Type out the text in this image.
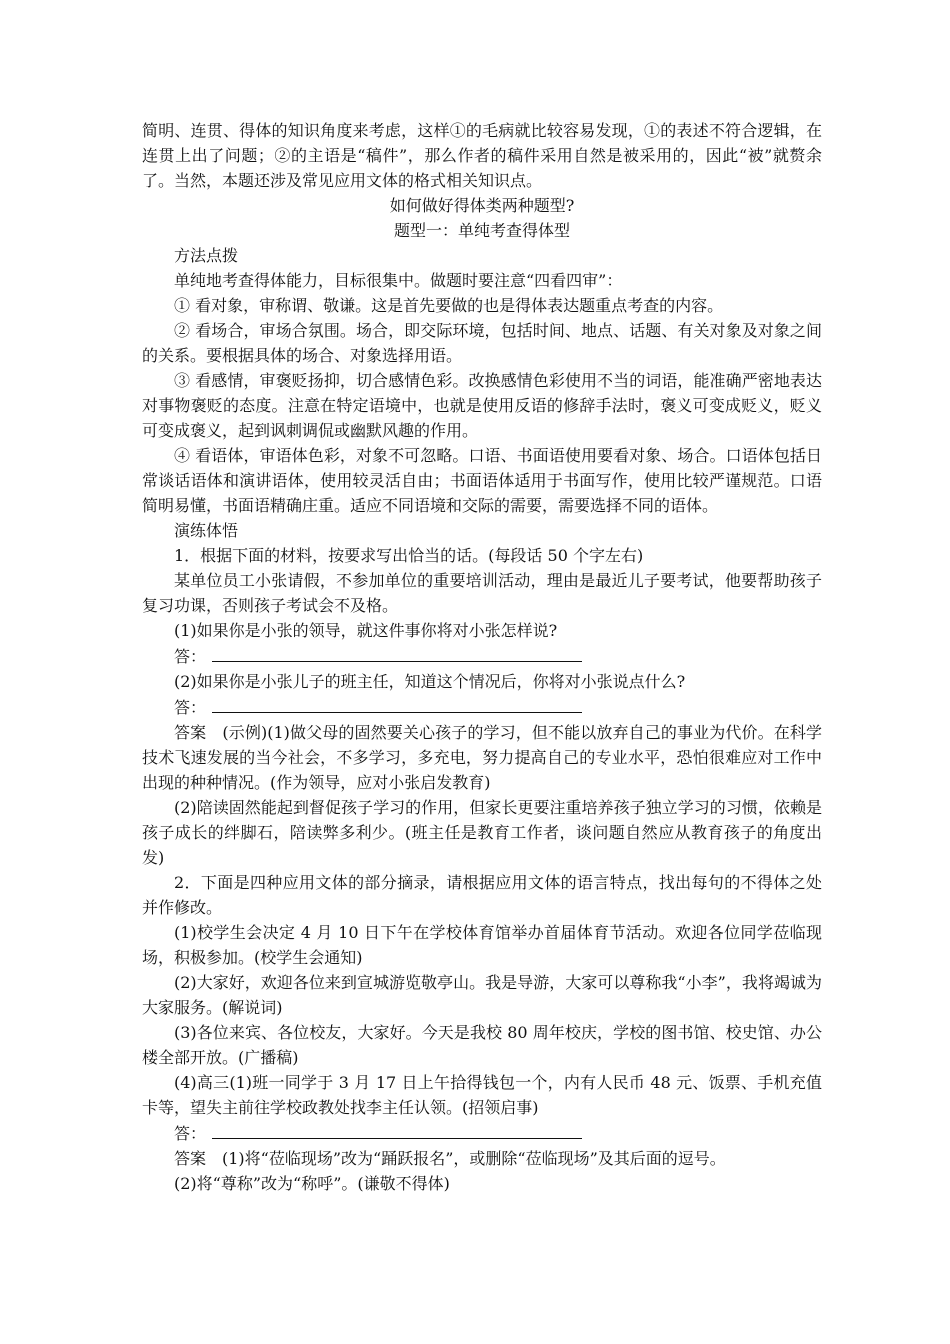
简明、连贯、得体的知识角度来考虑，这样①的毛病就比较容易发现，①的表述不符合逻辑，在连贯上出了问题；②的主语是“稿件”，那么作者的稿件采用自然是被采用的，因此“被”就赘余了。当然，本题还涉及常见应用文体的格式相关知识点。

如何做好得体类两种题型?

题型一：单纯考查得体型

方法点拨

单纯地考查得体能力，目标很集中。做题时要注意“四看四审”：

① 看对象，审称谓、敬谦。这是首先要做的也是得体表达题重点考查的内容。

② 看场合，审场合氛围。场合，即交际环境，包括时间、地点、话题、有关对象及对象之间的关系。要根据具体的场合、对象选择用语。

③ 看感情，审褒贬扬抑，切合感情色彩。改换感情色彩使用不当的词语，能准确严密地表达对事物褒贬的态度。注意在特定语境中，也就是使用反语的修辞手法时，褒义可变成贬义，贬义可变成褒义，起到讽刺调侃或幽默风趣的作用。

④ 看语体，审语体色彩，对象不可忽略。口语、书面语使用要看对象、场合。口语体包括日常谈话语体和演讲语体，使用较灵活自由；书面语体适用于书面写作，使用比较严谨规范。口语简明易懂，书面语精确庄重。适应不同语境和交际的需要，需要选择不同的语体。

演练体悟

1．根据下面的材料，按要求写出恰当的话。(每段话 50 个字左右)

某单位员工小张请假，不参加单位的重要培训活动，理由是最近儿子要考试，他要帮助孩子复习功课，否则孩子考试会不及格。

(1)如果你是小张的领导，就这件事你将对小张怎样说?

答：

(2)如果你是小张儿子的班主任，知道这个情况后，你将对小张说点什么?

答：

答案　(示例)(1)做父母的固然要关心孩子的学习，但不能以放弃自己的事业为代价。在科学技术飞速发展的当今社会，不多学习，多充电，努力提高自己的专业水平，恐怕很难应对工作中出现的种种情况。(作为领导，应对小张启发教育)

(2)陪读固然能起到督促孩子学习的作用，但家长更要注重培养孩子独立学习的习惯，依赖是孩子成长的绊脚石，陪读弊多利少。(班主任是教育工作者，谈问题自然应从教育孩子的角度出发)

2．下面是四种应用文体的部分摘录，请根据应用文体的语言特点，找出每句的不得体之处并作修改。

(1)校学生会决定 4 月 10 日下午在学校体育馆举办首届体育节活动。欢迎各位同学莅临现场，积极参加。(校学生会通知)

(2)大家好，欢迎各位来到宣城游览敬亭山。我是导游，大家可以尊称我“小李”，我将竭诚为大家服务。(解说词)

(3)各位来宾、各位校友，大家好。今天是我校 80 周年校庆，学校的图书馆、校史馆、办公楼全部开放。(广播稿)

(4)高三(1)班一同学于 3 月 17 日上午拾得钱包一个，内有人民币 48 元、饭票、手机充值卡等，望失主前往学校政教处找李主任认领。(招领启事)

答：

答案　(1)将“莅临现场”改为“踊跃报名”，或删除“莅临现场”及其后面的逗号。

(2)将“尊称”改为“称呼”。(谦敬不得体)
